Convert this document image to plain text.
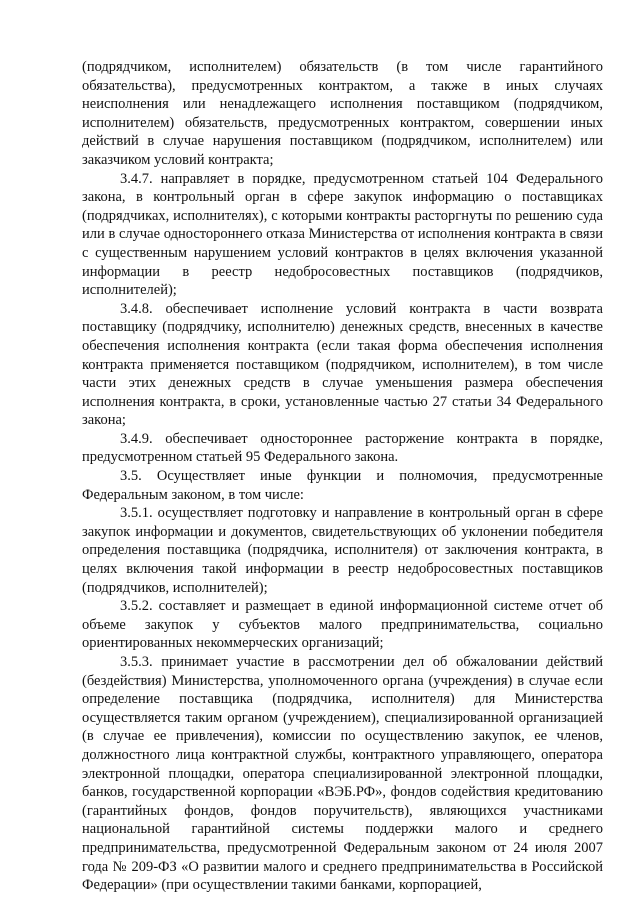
(подрядчиком, исполнителем) обязательств (в том числе гарантийного обязательства), предусмотренных контрактом, а также в иных случаях неисполнения или ненадлежащего исполнения поставщиком (подрядчиком, исполнителем) обязательств, предусмотренных контрактом, совершении иных действий в случае нарушения поставщиком (подрядчиком, исполнителем) или заказчиком условий контракта;

3.4.7. направляет в порядке, предусмотренном статьей 104 Федерального закона, в контрольный орган в сфере закупок информацию о поставщиках (подрядчиках, исполнителях), с которыми контракты расторгнуты по решению суда или в случае одностороннего отказа Министерства от исполнения контракта в связи с существенным нарушением условий контрактов в целях включения указанной информации в реестр недобросовестных поставщиков (подрядчиков, исполнителей);

3.4.8. обеспечивает исполнение условий контракта в части возврата поставщику (подрядчику, исполнителю) денежных средств, внесенных в качестве обеспечения исполнения контракта (если такая форма обеспечения исполнения контракта применяется поставщиком (подрядчиком, исполнителем), в том числе части этих денежных средств в случае уменьшения размера обеспечения исполнения контракта, в сроки, установленные частью 27 статьи 34 Федерального закона;

3.4.9. обеспечивает одностороннее расторжение контракта в порядке, предусмотренном статьей 95 Федерального закона.

3.5. Осуществляет иные функции и полномочия, предусмотренные Федеральным законом, в том числе:

3.5.1. осуществляет подготовку и направление в контрольный орган в сфере закупок информации и документов, свидетельствующих об уклонении победителя определения поставщика (подрядчика, исполнителя) от заключения контракта, в целях включения такой информации в реестр недобросовестных поставщиков (подрядчиков, исполнителей);

3.5.2. составляет и размещает в единой информационной системе отчет об объеме закупок у субъектов малого предпринимательства, социально ориентированных некоммерческих организаций;

3.5.3. принимает участие в рассмотрении дел об обжаловании действий (бездействия) Министерства, уполномоченного органа (учреждения) в случае если определение поставщика (подрядчика, исполнителя) для Министерства осуществляется таким органом (учреждением), специализированной организацией (в случае ее привлечения), комиссии по осуществлению закупок, ее членов, должностного лица контрактной службы, контрактного управляющего, оператора электронной площадки, оператора специализированной электронной площадки, банков, государственной корпорации «ВЭБ.РФ», фондов содействия кредитованию (гарантийных фондов, фондов поручительств), являющихся участниками национальной гарантийной системы поддержки малого и среднего предпринимательства, предусмотренной Федеральным законом от 24 июля 2007 года № 209-ФЗ «О развитии малого и среднего предпринимательства в Российской Федерации» (при осуществлении такими банками, корпорацией,
